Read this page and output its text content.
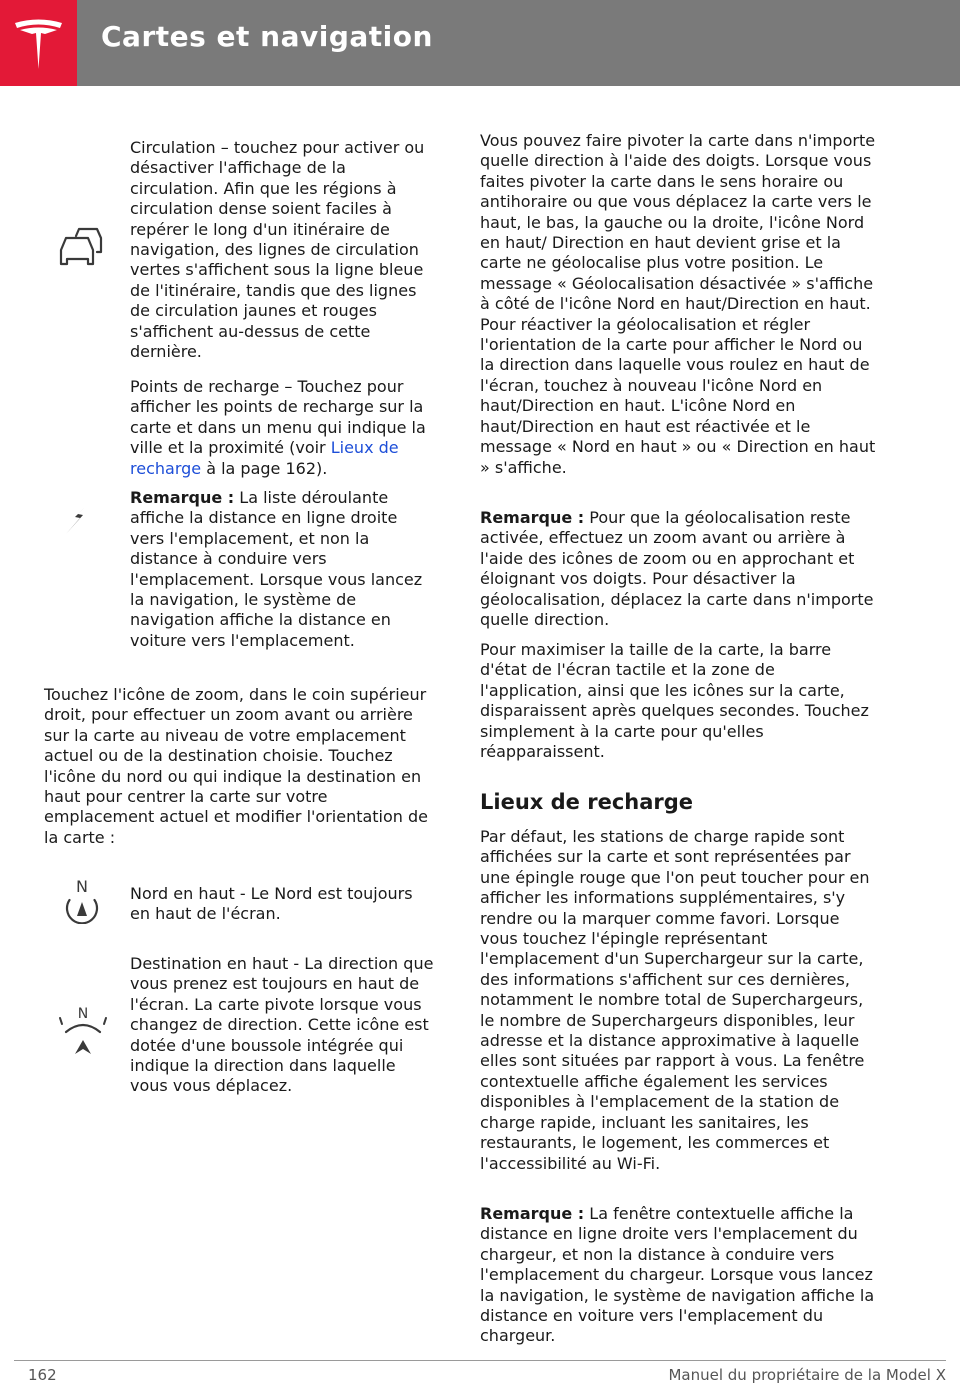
Cartes et navigation

Circulation – touchez pour activer ou désactiver l'affichage de la circulation. Afin que les régions à circulation dense soient faciles à repérer le long d'un itinéraire de navigation, des lignes de circulation vertes s'affichent sous la ligne bleue de l'itinéraire, tandis que des lignes de circulation jaunes et rouges s'affichent au-dessus de cette dernière.

Points de recharge – Touchez pour afficher les points de recharge sur la carte et dans un menu qui indique la ville et la proximité (voir Lieux de recharge à la page 162).

Remarque : La liste déroulante affiche la distance en ligne droite vers l'emplacement, et non la distance à conduire vers l'emplacement. Lorsque vous lancez la navigation, le système de navigation affiche la distance en voiture vers l'emplacement.

Touchez l'icône de zoom, dans le coin supérieur droit, pour effectuer un zoom avant ou arrière sur la carte au niveau de votre emplacement actuel ou de la destination choisie. Touchez l'icône du nord ou qui indique la destination en haut pour centrer la carte sur votre emplacement actuel et modifier l'orientation de la carte :

N	Nord en haut - Le Nord est toujours en haut de l'écran.

N

Destination en haut - La direction que vous prenez est toujours en haut de l'écran. La carte pivote lorsque vous changez de direction. Cette icône est dotée d'une boussole intégrée qui indique la direction dans laquelle vous vous déplacez.

Vous pouvez faire pivoter la carte dans n'importe quelle direction à l'aide des doigts. Lorsque vous faites pivoter la carte dans le sens horaire ou antihoraire ou que vous déplacez la carte vers le haut, le bas, la gauche ou la droite, l'icône Nord en haut/ Direction en haut devient grise et la carte ne géolocalise plus votre position. Le message « Géolocalisation désactivée » s'affiche à côté de l'icône Nord en haut/Direction en haut. Pour réactiver la géolocalisation et régler l'orientation de la carte pour afficher le Nord ou la direction dans laquelle vous roulez en haut de l'écran, touchez à nouveau l'icône Nord en haut/Direction en haut. L'icône Nord en haut/Direction en haut est réactivée et le message « Nord en haut » ou « Direction en haut » s'affiche.

Remarque : Pour que la géolocalisation reste activée, effectuez un zoom avant ou arrière à l'aide des icônes de zoom ou en approchant et éloignant vos doigts. Pour désactiver la géolocalisation, déplacez la carte dans n'importe quelle direction.

Pour maximiser la taille de la carte, la barre d'état de l'écran tactile et la zone de l'application, ainsi que les icônes sur la carte, disparaissent après quelques secondes. Touchez simplement à la carte pour qu'elles réapparaissent.

Lieux de recharge

Par défaut, les stations de charge rapide sont affichées sur la carte et sont représentées par une épingle rouge que l'on peut toucher pour en afficher les informations supplémentaires, s'y rendre ou la marquer comme favori. Lorsque vous touchez l'épingle représentant l'emplacement d'un Superchargeur sur la carte, des informations s'affichent sur ces dernières, notamment le nombre total de Superchargeurs, le nombre de Superchargeurs disponibles, leur adresse et la distance approximative à laquelle elles sont situées par rapport à vous. La fenêtre contextuelle affiche également les services disponibles à l'emplacement de la station de charge rapide, incluant les sanitaires, les restaurants, le logement, les commerces et l'accessibilité au Wi-Fi.

Remarque : La fenêtre contextuelle affiche la distance en ligne droite vers l'emplacement du chargeur, et non la distance à conduire vers l'emplacement du chargeur. Lorsque vous lancez la navigation, le système de navigation affiche la distance en voiture vers l'emplacement du chargeur.

162	Manuel du propriétaire de la Model X
